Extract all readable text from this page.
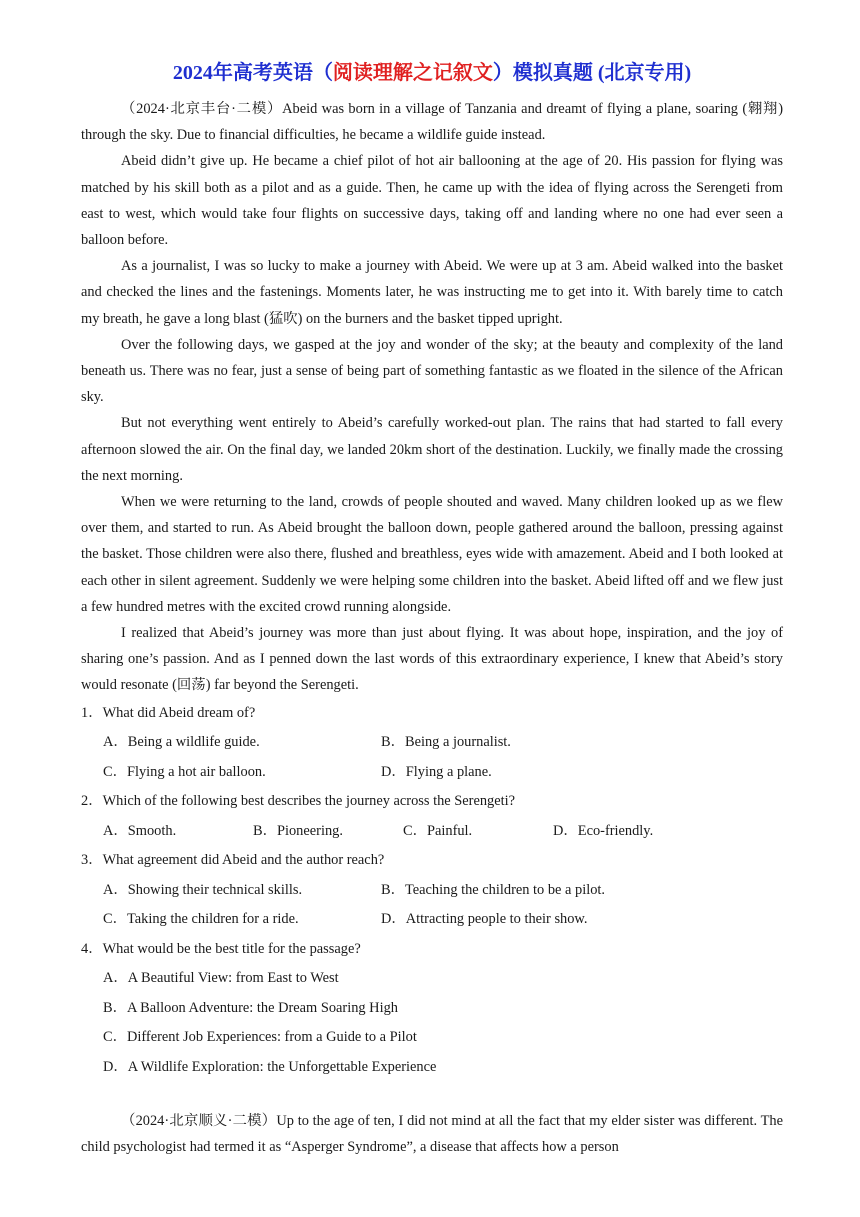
2024年高考英语（阅读理解之记叙文）模拟真题 (北京专用)

（2024·北京丰台·二模）Abeid was born in a village of Tanzania and dreamt of flying a plane, soaring (翱翔) through the sky. Due to financial difficulties, he became a wildlife guide instead.

Abeid didn’t give up. He became a chief pilot of hot air ballooning at the age of 20. His passion for flying was matched by his skill both as a pilot and as a guide. Then, he came up with the idea of flying across the Serengeti from east to west, which would take four flights on successive days, taking off and landing where no one had ever seen a balloon before.

As a journalist, I was so lucky to make a journey with Abeid. We were up at 3 am. Abeid walked into the basket and checked the lines and the fastenings. Moments later, he was instructing me to get into it. With barely time to catch my breath, he gave a long blast (猛吹) on the burners and the basket tipped upright.

Over the following days, we gasped at the joy and wonder of the sky; at the beauty and complexity of the land beneath us. There was no fear, just a sense of being part of something fantastic as we floated in the silence of the African sky.

But not everything went entirely to Abeid’s carefully worked-out plan. The rains that had started to fall every afternoon slowed the air. On the final day, we landed 20km short of the destination. Luckily, we finally made the crossing the next morning.

When we were returning to the land, crowds of people shouted and waved. Many children looked up as we flew over them, and started to run. As Abeid brought the balloon down, people gathered around the balloon, pressing against the basket. Those children were also there, flushed and breathless, eyes wide with amazement. Abeid and I both looked at each other in silent agreement. Suddenly we were helping some children into the basket. Abeid lifted off and we flew just a few hundred metres with the excited crowd running alongside.

I realized that Abeid’s journey was more than just about flying. It was about hope, inspiration, and the joy of sharing one’s passion. And as I penned down the last words of this extraordinary experience, I knew that Abeid’s story would resonate (回荡) far beyond the Serengeti.

1．What did Abeid dream of?

A．Being a wildlife guide.	B．Being a journalist.
C．Flying a hot air balloon.	D．Flying a plane.

2．Which of the following best describes the journey across the Serengeti?

A．Smooth.	B．Pioneering.	C．Painful.	D．Eco-friendly.

3．What agreement did Abeid and the author reach?

A．Showing their technical skills.	B．Teaching the children to be a pilot.
C．Taking the children for a ride.	D．Attracting people to their show.

4．What would be the best title for the passage?

A．A Beautiful View: from East to West
B．A Balloon Adventure: the Dream Soaring High
C．Different Job Experiences: from a Guide to a Pilot
D．A Wildlife Exploration: the Unforgettable Experience

（2024·北京顺义·二模）Up to the age of ten, I did not mind at all the fact that my elder sister was different. The child psychologist had termed it as “Asperger Syndrome”, a disease that affects how a person
